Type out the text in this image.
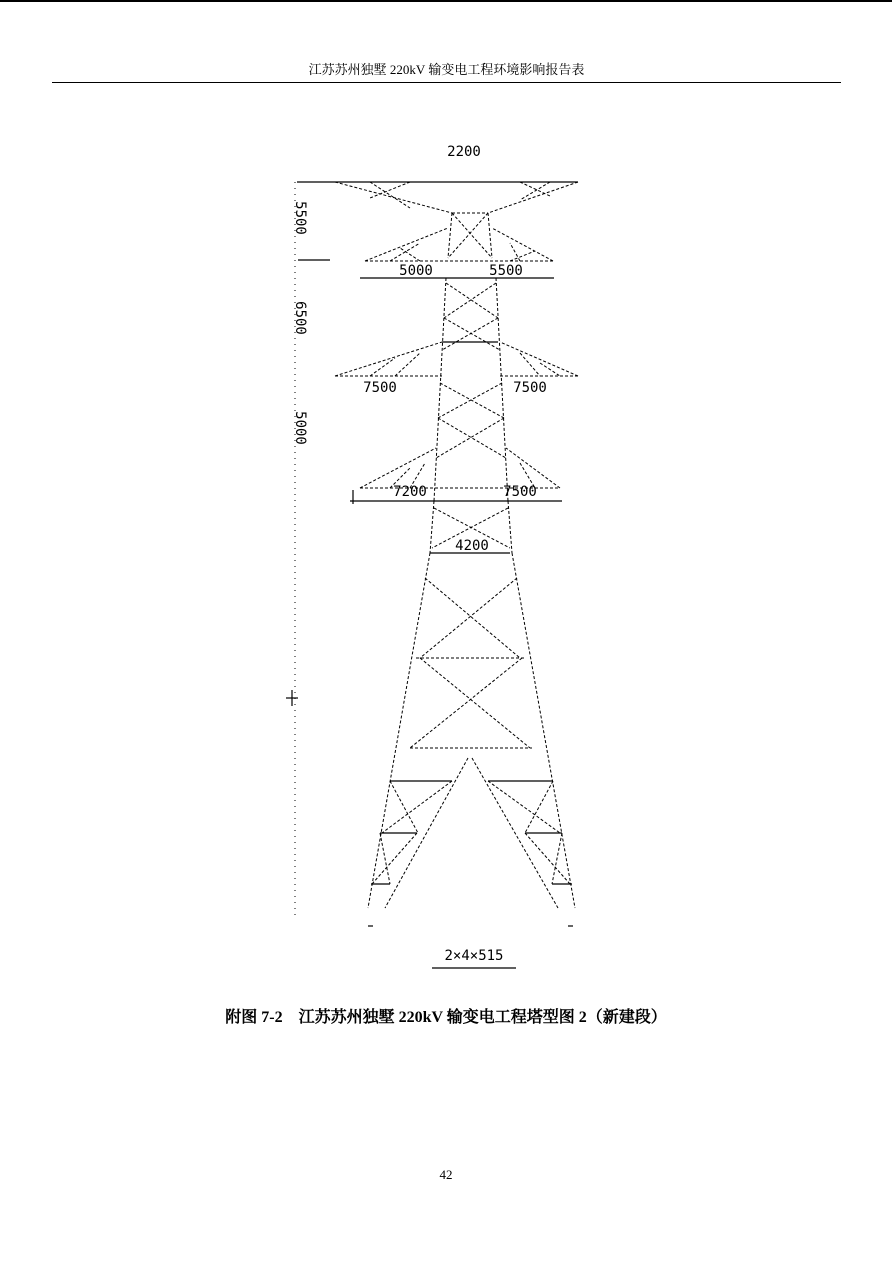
江苏苏州独墅 220kV 输变电工程环境影响报告表
2200
5000	5500
7500	7500
7200	7500
4200
5500
6500
5000
2×4×515
附图 7-2　江苏苏州独墅 220kV 输变电工程塔型图 2（新建段）
42
